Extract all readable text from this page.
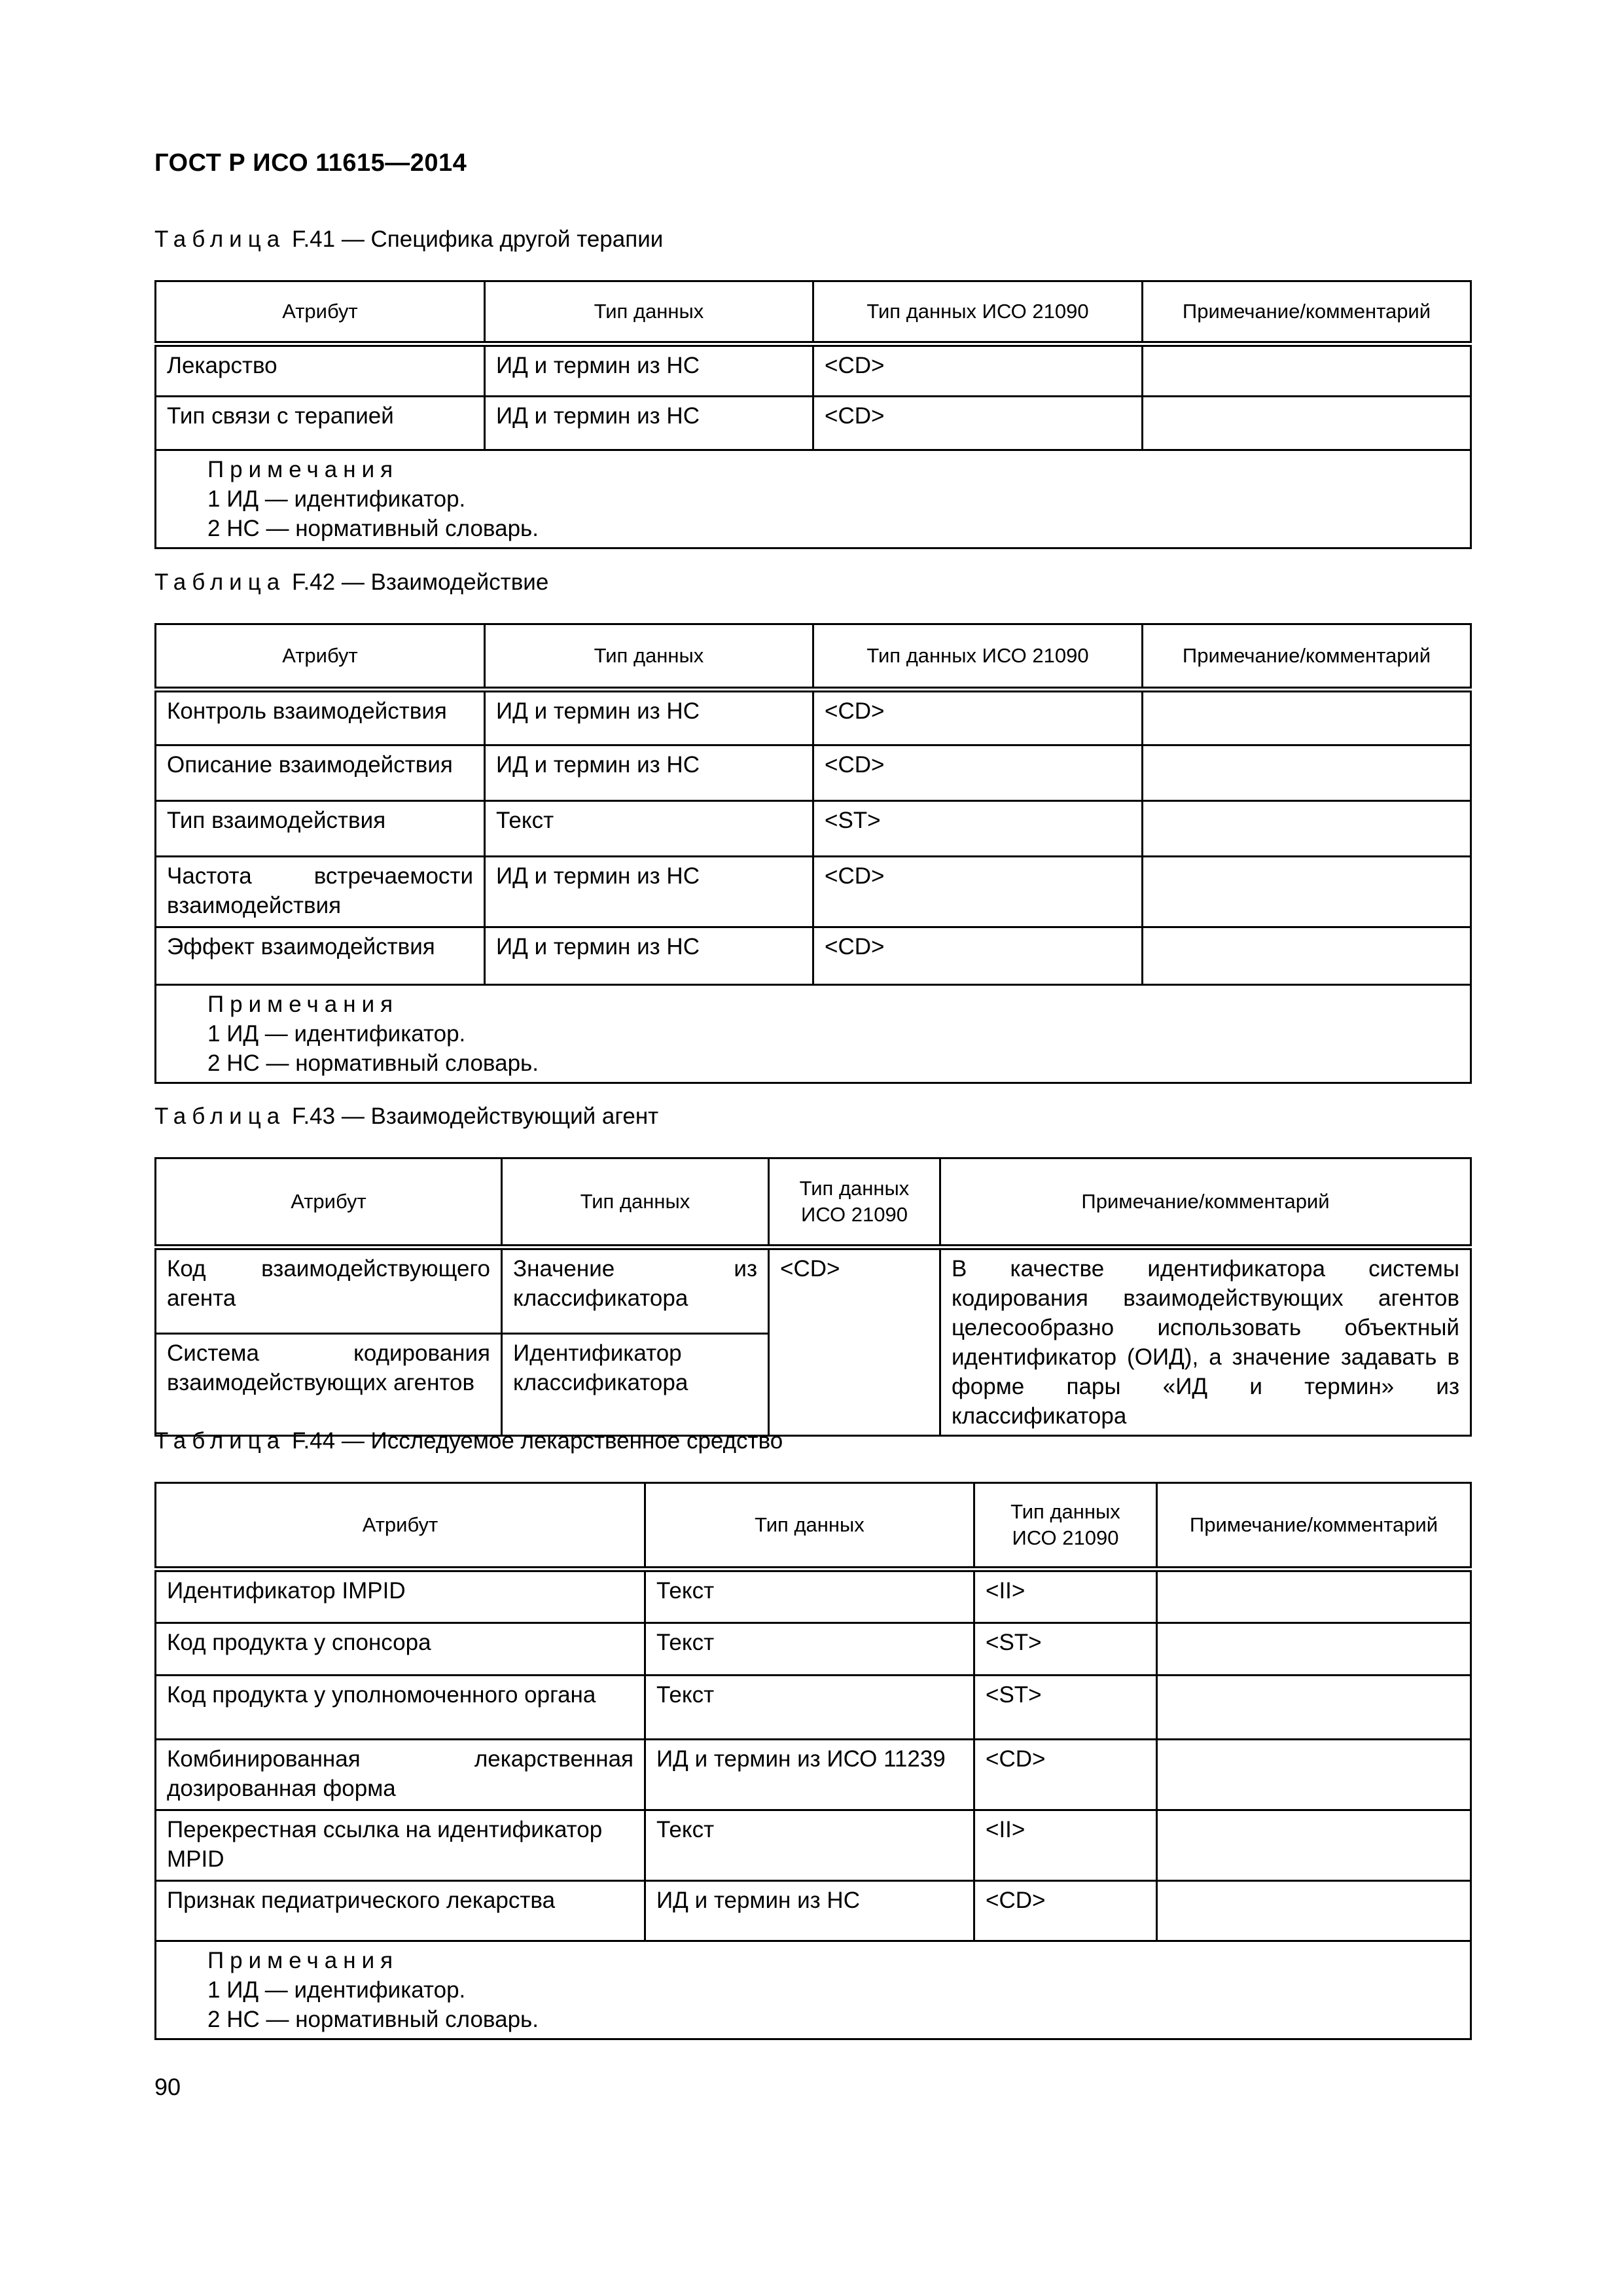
ГОСТ Р ИСО 11615—2014
Таблица F.41 — Специфика другой терапии
Атрибут	Тип данных	Тип данных ИСО 21090	Примечание/комментарий
Лекарство	ИД и термин из НС	<CD>	
Тип связи с терапией	ИД и термин из НС	<CD>	

Примечания
1 ИД — идентификатор.
2 НС — нормативный словарь.			
Таблица F.42 — Взаимодействие
Атрибут	Тип данных	Тип данных ИСО 21090	Примечание/комментарий
Контроль взаимодействия	ИД и термин из НС	<CD>	
Описание взаимодействия	ИД и термин из НС	<CD>	
Тип взаимодействия	Текст	<ST>	
Частота встречаемости взаимодействия	ИД и термин из НС	<CD>	
Эффект взаимодействия	ИД и термин из НС	<CD>	

Примечания
1 ИД — идентификатор.
2 НС — нормативный словарь.			
Таблица F.43 — Взаимодействующий агент
Атрибут	Тип данных	Тип данных ИСО 21090	Примечание/комментарий
Код взаимодействующего агента	Значение из классификатора	<CD>	В качестве идентификатора системы кодирования взаимодействующих агентов целесообразно использовать объектный идентификатор (ОИД), а значение задавать в форме пары «ИД и термин» из классификатора
Система кодирования взаимодействующих агентов	Идентификатор классификатора		
Таблица F.44 — Исследуемое лекарственное средство
Атрибут	Тип данных	Тип данных ИСО 21090	Примечание/комментарий
Идентификатор IMPID	Текст	<II>	
Код продукта у спонсора	Текст	<ST>	
Код продукта у уполномоченного органа	Текст	<ST>	
Комбинированная лекарственная дозированная форма	ИД и термин из ИСО 11239	<CD>	
Перекрестная ссылка на идентификатор MPID	Текст	<II>	
Признак педиатрического лекарства	ИД и термин из НС	<CD>	

Примечания
1 ИД — идентификатор.
2 НС — нормативный словарь.			
90
